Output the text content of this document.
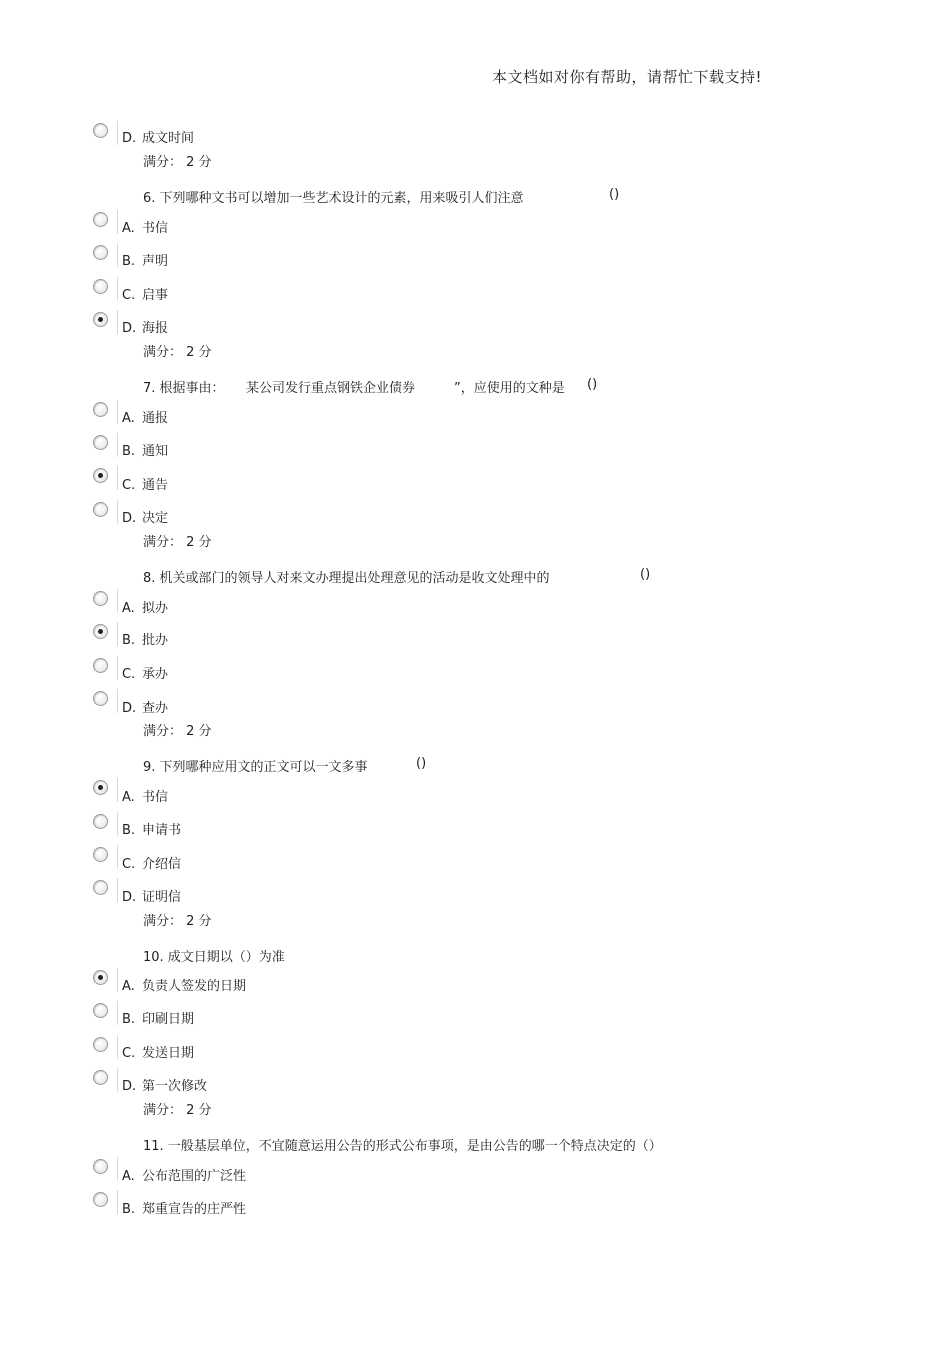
本文档如对你有帮助，请帮忙下载支持!
D. 成文时间
满分： 2 分
6. 下列哪种文书可以增加一些艺术设计的元素，用来吸引人们注意	()
A. 书信
B. 声明
C. 启事
D. 海报
满分： 2 分
7. 根据事由： 某公司发行重点钢铁企业债券	”，应使用的文种是 ()
A. 通报
B. 通知
C. 通告
D. 决定
满分： 2 分
8. 机关或部门的领导人对来文办理提出处理意见的活动是收文处理中的	()
A. 拟办
B. 批办
C. 承办
D. 查办
满分： 2 分
9. 下列哪种应用文的正文可以一文多事	()
A. 书信
B. 申请书
C. 介绍信
D. 证明信
满分： 2 分
10. 成文日期以（）为准
A. 负责人签发的日期
B. 印刷日期
C. 发送日期
D. 第一次修改
满分： 2 分
11. 一般基层单位，不宜随意运用公告的形式公布事项，是由公告的哪一个特点决定的（）
A. 公布范围的广泛性
B. 郑重宣告的庄严性
